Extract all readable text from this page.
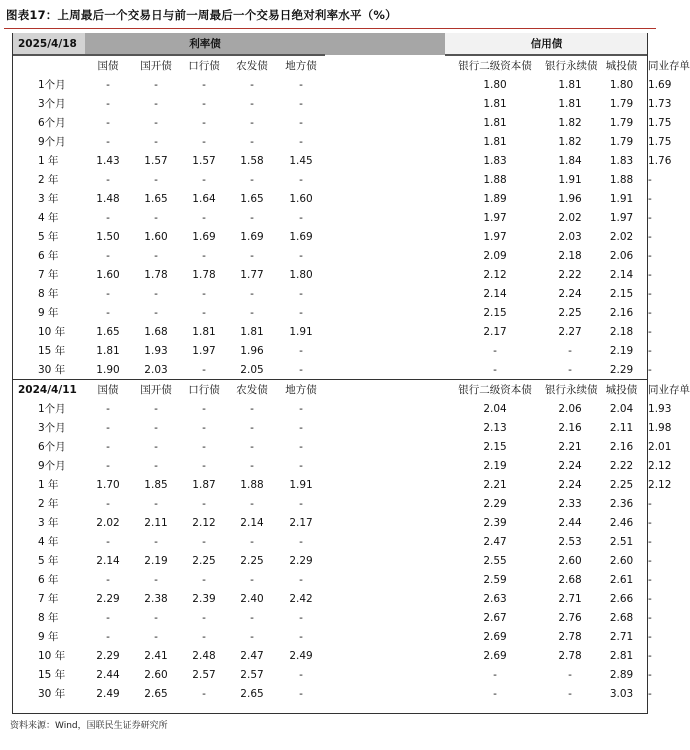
图表17：上周最后一个交易日与前一周最后一个交易日绝对利率水平（%）
2025/4/18	利率债						信用债			
	国债	国开债	口行债	农发债	地方债		银行二级资本债	银行永续债	城投债	同业存单
1个月	-	-	-	-	-		1.80	1.81	1.80	1.69
3个月	-	-	-	-	-		1.81	1.81	1.79	1.73
6个月	-	-	-	-	-		1.81	1.82	1.79	1.75
9个月	-	-	-	-	-		1.81	1.82	1.79	1.75
1 年	1.43	1.57	1.57	1.58	1.45		1.83	1.84	1.83	1.76
2 年	-	-	-	-	-		1.88	1.91	1.88	-
3 年	1.48	1.65	1.64	1.65	1.60		1.89	1.96	1.91	-
4 年	-	-	-	-	-		1.97	2.02	1.97	-
5 年	1.50	1.60	1.69	1.69	1.69		1.97	2.03	2.02	-
6 年	-	-	-	-	-		2.09	2.18	2.06	-
7 年	1.60	1.78	1.78	1.77	1.80		2.12	2.22	2.14	-
8 年	-	-	-	-	-		2.14	2.24	2.15	-
9 年	-	-	-	-	-		2.15	2.25	2.16	-
10 年	1.65	1.68	1.81	1.81	1.91		2.17	2.27	2.18	-
15 年	1.81	1.93	1.97	1.96	-		-	-	2.19	-
30 年	1.90	2.03	-	2.05	-		-	-	2.29	-
2024/4/11	国债	国开债	口行债	农发债	地方债		银行二级资本债	银行永续债	城投债	同业存单
1个月	-	-	-	-	-		2.04	2.06	2.04	1.93
3个月	-	-	-	-	-		2.13	2.16	2.11	1.98
6个月	-	-	-	-	-		2.15	2.21	2.16	2.01
9个月	-	-	-	-	-		2.19	2.24	2.22	2.12
1 年	1.70	1.85	1.87	1.88	1.91		2.21	2.24	2.25	2.12
2 年	-	-	-	-	-		2.29	2.33	2.36	-
3 年	2.02	2.11	2.12	2.14	2.17		2.39	2.44	2.46	-
4 年	-	-	-	-	-		2.47	2.53	2.51	-
5 年	2.14	2.19	2.25	2.25	2.29		2.55	2.60	2.60	-
6 年	-	-	-	-	-		2.59	2.68	2.61	-
7 年	2.29	2.38	2.39	2.40	2.42		2.63	2.71	2.66	-
8 年	-	-	-	-	-		2.67	2.76	2.68	-
9 年	-	-	-	-	-		2.69	2.78	2.71	-
10 年	2.29	2.41	2.48	2.47	2.49		2.69	2.78	2.81	-
15 年	2.44	2.60	2.57	2.57	-		-	-	2.89	-
30 年	2.49	2.65	-	2.65	-		-	-	3.03	-
资料来源：Wind，国联民生证券研究所
